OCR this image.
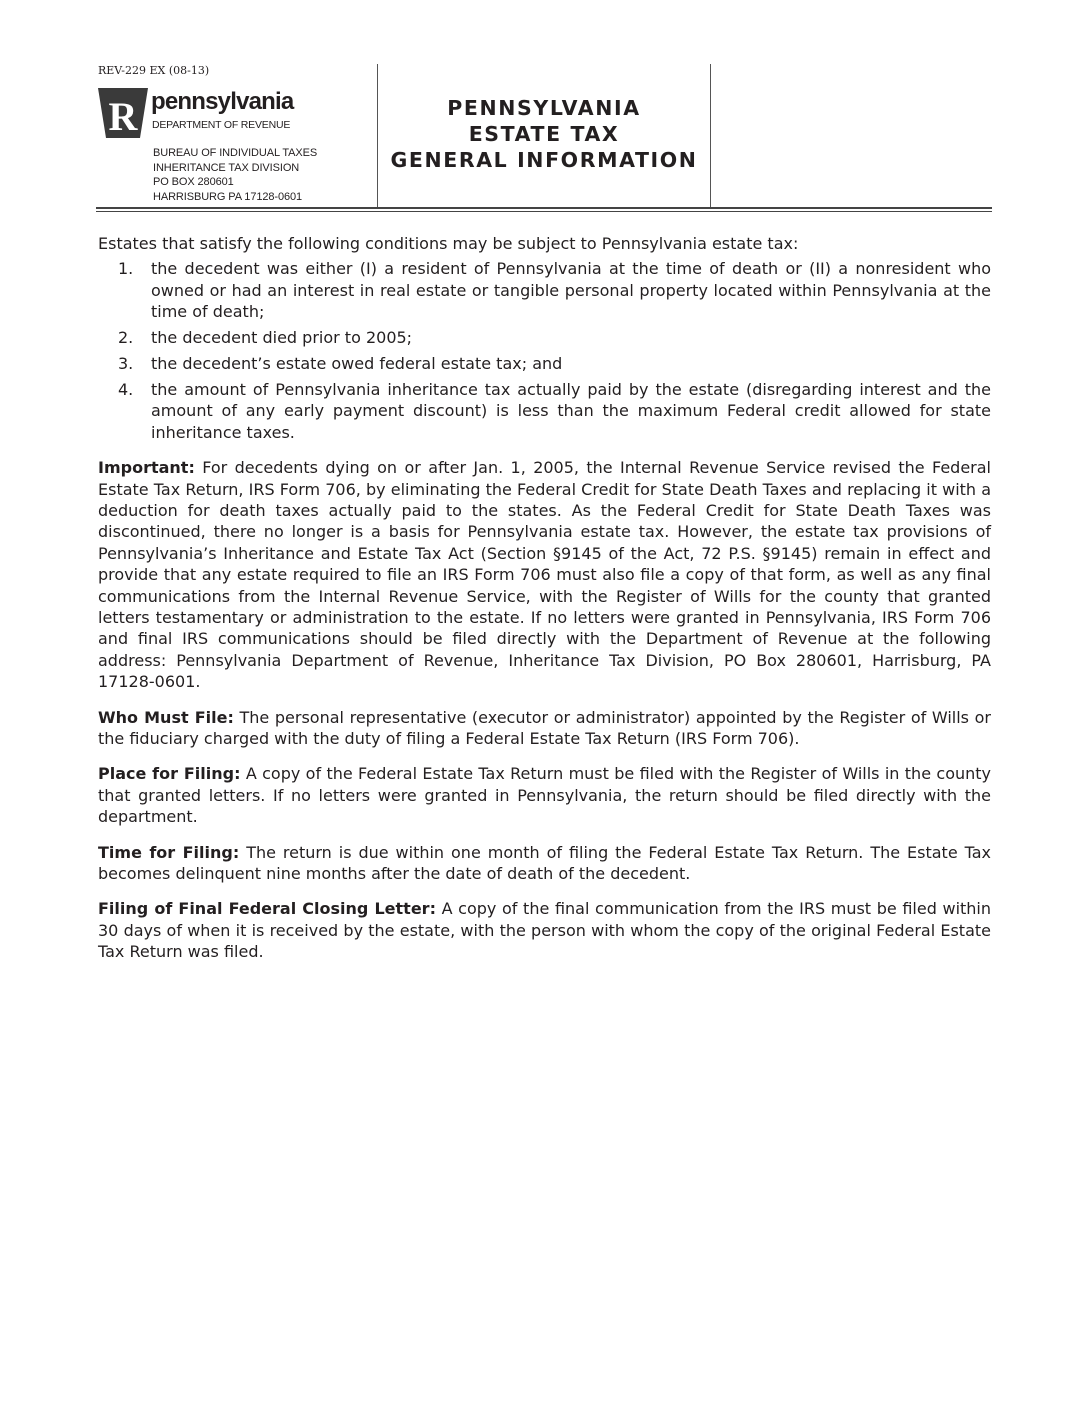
REV-229 EX (08-13)
R pennsylvania
DEPARTMENT OF REVENUE
BUREAU OF INDIVIDUAL TAXES
INHERITANCE TAX DIVISION
PO BOX 280601
HARRISBURG PA 17128-0601
PENNSYLVANIA
ESTATE TAX
GENERAL INFORMATION

Estates that satisfy the following conditions may be subject to Pennsylvania estate tax:

1. the decedent was either (I) a resident of Pennsylvania at the time of death or (II) a nonresident who owned or had an interest in real estate or tangible personal property located within Pennsylvania at the time of death;
2. the decedent died prior to 2005;
3. the decedent’s estate owed federal estate tax; and
4. the amount of Pennsylvania inheritance tax actually paid by the estate (disregarding interest and the amount of any early payment discount) is less than the maximum Federal credit allowed for state inheritance taxes.

Important: For decedents dying on or after Jan. 1, 2005, the Internal Revenue Service revised the Federal Estate Tax Return, IRS Form 706, by eliminating the Federal Credit for State Death Taxes and replacing it with a deduction for death taxes actually paid to the states. As the Federal Credit for State Death Taxes was discontinued, there no longer is a basis for Pennsylvania estate tax. However, the estate tax provisions of Pennsylvania’s Inheritance and Estate Tax Act (Section §9145 of the Act, 72 P.S. §9145) remain in effect and provide that any estate required to file an IRS Form 706 must also file a copy of that form, as well as any final communications from the Internal Revenue Service, with the Register of Wills for the county that granted letters testamentary or administration to the estate. If no letters were granted in Pennsylvania, IRS Form 706 and final IRS communications should be filed directly with the Department of Revenue at the following address: Pennsylvania Department of Revenue, Inheritance Tax Division, PO Box 280601, Harrisburg, PA 17128-0601.

Who Must File: The personal representative (executor or administrator) appointed by the Register of Wills or the fiduciary charged with the duty of filing a Federal Estate Tax Return (IRS Form 706).

Place for Filing: A copy of the Federal Estate Tax Return must be filed with the Register of Wills in the county that granted letters. If no letters were granted in Pennsylvania, the return should be filed directly with the department.

Time for Filing: The return is due within one month of filing the Federal Estate Tax Return. The Estate Tax becomes delinquent nine months after the date of death of the decedent.

Filing of Final Federal Closing Letter: A copy of the final communication from the IRS must be filed within 30 days of when it is received by the estate, with the person with whom the copy of the original Federal Estate Tax Return was filed.
